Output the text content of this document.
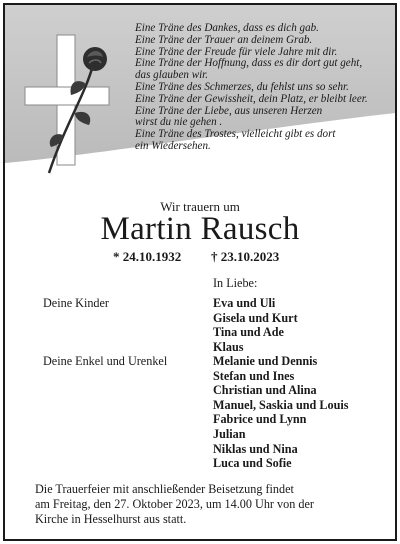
Eine Träne des Dankes, dass es dich gab.
Eine Träne der Trauer an deinem Grab.
Eine Träne der Freude für viele Jahre mit dir.
Eine Träne der Hoffnung, dass es dir dort gut geht,
das glauben wir.
Eine Träne des Schmerzes, du fehlst uns so sehr.
Eine Träne der Gewissheit, dein Platz, er bleibt leer.
Eine Träne der Liebe, aus unseren Herzen
wirst du nie gehen .
Eine Träne des Trostes, vielleicht gibt es dort
ein Wiedersehen.
Wir trauern um
Martin Rausch
* 24.10.1932 † 23.10.2023
In Liebe:
Deine Kinder	Eva und Uli
Gisela und Kurt
Tina und Ade
Klaus
Deine Enkel und Urenkel	Melanie und Dennis
Stefan und Ines
Christian und Alina
Manuel, Saskia und Louis
Fabrice und Lynn
Julian
Niklas und Nina
Luca und Sofie
Die Trauerfeier mit anschließender Beisetzung findet
am Freitag, den 27. Oktober 2023, um 14.00 Uhr von der
Kirche in Hesselhurst aus statt.
